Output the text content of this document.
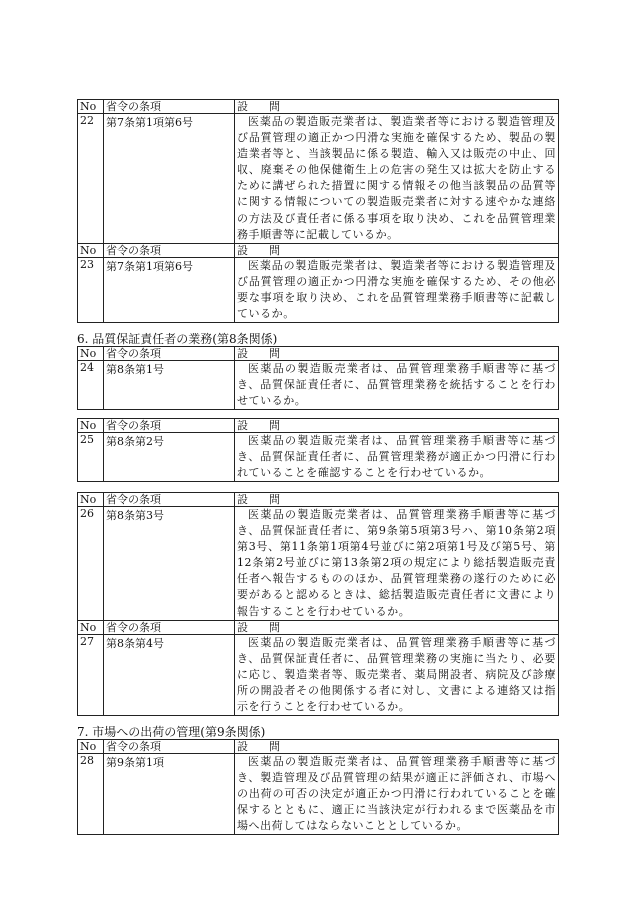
No	省令の条項	設　問
22	第7条第1項第6号	医薬品の製造販売業者は、製造業者等における製造管理及び品質管理の適正かつ円滑な実施を確保するため、製品の製造業者等と、当該製品に係る製造、輸入又は販売の中止、回収、廃棄その他保健衛生上の危害の発生又は拡大を防止するために講ぜられた措置に関する情報その他当該製品の品質等に関する情報についての製造販売業者に対する速やかな連絡の方法及び責任者に係る事項を取り決め、これを品質管理業務手順書等に記載しているか。
No	省令の条項	設　問
23	第7条第1項第6号	医薬品の製造販売業者は、製造業者等における製造管理及び品質管理の適正かつ円滑な実施を確保するため、その他必要な事項を取り決め、これを品質管理業務手順書等に記載しているか。
6. 品質保証責任者の業務(第8条関係)
No	省令の条項	設　問
24	第8条第1号	医薬品の製造販売業者は、品質管理業務手順書等に基づき、品質保証責任者に、品質管理業務を統括することを行わせているか。
No	省令の条項	設　問
25	第8条第2号	医薬品の製造販売業者は、品質管理業務手順書等に基づき、品質保証責任者に、品質管理業務が適正かつ円滑に行われていることを確認することを行わせているか。
No	省令の条項	設　問
26	第8条第3号	医薬品の製造販売業者は、品質管理業務手順書等に基づき、品質保証責任者に、第9条第5項第3号ハ、第10条第2項第3号、第11条第1項第4号並びに第2項第1号及び第5号、第12条第2号並びに第13条第2項の規定により総括製造販売責任者へ報告するもののほか、品質管理業務の遂行のために必要があると認めるときは、総括製造販売責任者に文書により報告することを行わせているか。
No	省令の条項	設　問
27	第8条第4号	医薬品の製造販売業者は、品質管理業務手順書等に基づき、品質保証責任者に、品質管理業務の実施に当たり、必要に応じ、製造業者等、販売業者、薬局開設者、病院及び診療所の開設者その他関係する者に対し、文書による連絡又は指示を行うことを行わせているか。
7. 市場への出荷の管理(第9条関係)
No	省令の条項	設　問
28	第9条第1項	医薬品の製造販売業者は、品質管理業務手順書等に基づき、製造管理及び品質管理の結果が適正に評価され、市場への出荷の可否の決定が適正かつ円滑に行われていることを確保するとともに、適正に当該決定が行われるまで医薬品を市場へ出荷してはならないこととしているか。
